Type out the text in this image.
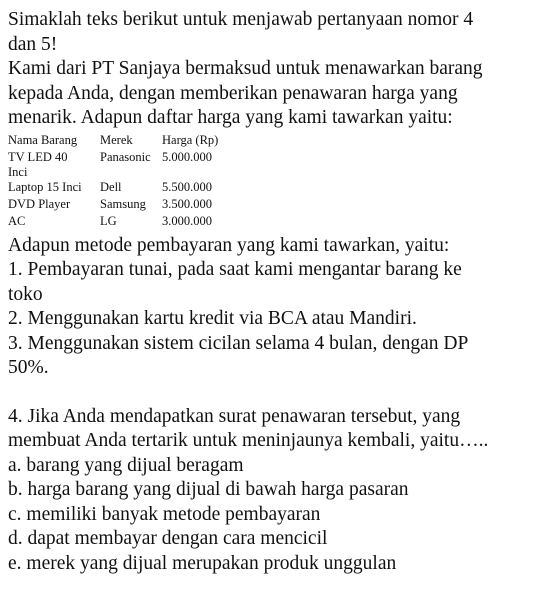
Simaklah teks berikut untuk menjawab pertanyaan nomor 4
dan 5!
Kami dari PT Sanjaya bermaksud untuk menawarkan barang
kepada Anda, dengan memberikan penawaran harga yang
menarik. Adapun daftar harga yang kami tawarkan yaitu:
Nama Barang	Merek	Harga (Rp)

TV LED 40
Inci	Panasonic	5.000.000
Laptop 15 Inci	Dell	5.500.000
DVD Player	Samsung	3.500.000
AC	LG	3.000.000
Adapun metode pembayaran yang kami tawarkan, yaitu:
1. Pembayaran tunai, pada saat kami mengantar barang ke
toko
2. Menggunakan kartu kredit via BCA atau Mandiri.
3. Menggunakan sistem cicilan selama 4 bulan, dengan DP
50%.
4. Jika Anda mendapatkan surat penawaran tersebut, yang
membuat Anda tertarik untuk meninjaunya kembali, yaitu…..
a. barang yang dijual beragam
b. harga barang yang dijual di bawah harga pasaran
c. memiliki banyak metode pembayaran
d. dapat membayar dengan cara mencicil
e. merek yang dijual merupakan produk unggulan
